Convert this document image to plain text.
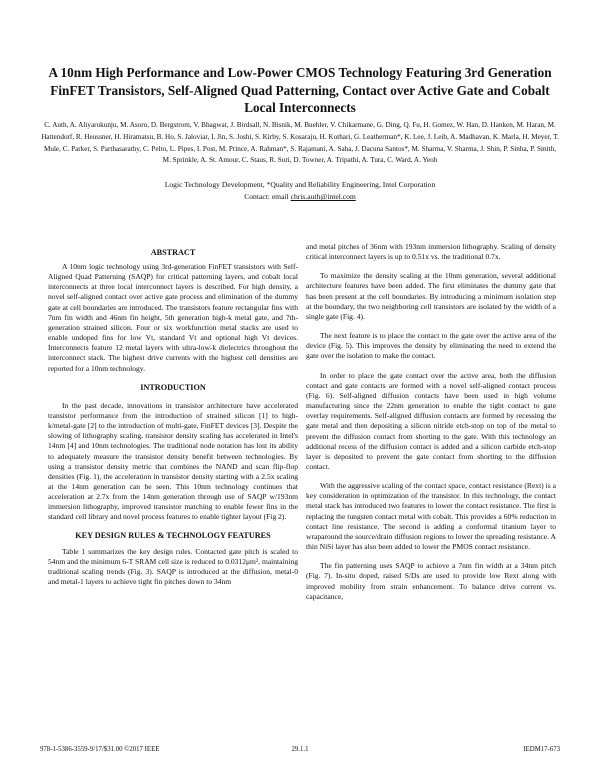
A 10nm High Performance and Low-Power CMOS Technology Featuring 3rd Generation FinFET Transistors, Self-Aligned Quad Patterning, Contact over Active Gate and Cobalt Local Interconnects
C. Auth, A. Aliyarukunju, M. Asoro, D. Bergstrom, V. Bhagwat, J. Birdsall, N. Bisnik, M. Buehler, V. Chikarmane, G. Ding, Q. Fu, H. Gomez, W. Han, D. Hanken, M. Haran, M. Hattendorf, R. Heussner, H. Hiramatsu, B. Ho, S. Jaloviar, I. Jin, S. Joshi, S. Kirby, S. Kosaraju, H. Kothari, G. Leatherman*, K. Lee, J. Leib, A. Madhavan, K. Marla, H. Meyer, T. Mule, C. Parker, S. Parthasarathy, C. Pelto, L. Pipes, I. Post, M. Prince, A. Rahman*, S. Rajamani, A. Saha, J. Dacuna Santos*, M. Sharma, V. Sharma, J. Shin, P. Sinha, P. Smith, M. Sprinkle, A. St. Amour, C. Staus, R. Suri, D. Towner, A. Tripathi, A. Tura, C. Ward, A. Yeoh
Logic Technology Development, *Quality and Reliability Engineering, Intel Corporation
Contact: email chris.auth@intel.com
ABSTRACT

A 10nm logic technology using 3rd-generation FinFET transistors with Self-Aligned Quad Patterning (SAQP) for critical patterning layers, and cobalt local interconnects at three local interconnect layers is described. For high density, a novel self-aligned contact over active gate process and elimination of the dummy gate at cell boundaries are introduced. The transistors feature rectangular fins with 7nm fin width and 46nm fin height, 5th generation high-k metal gate, and 7th-generation strained silicon. Four or six workfunction metal stacks are used to enable undoped fins for low Vt, standard Vt and optional high Vt devices. Interconnects feature 12 metal layers with ultra-low-k dielectrics throughout the interconnect stack. The highest drive currents with the highest cell densities are reported for a 10nm technology.

INTRODUCTION

In the past decade, innovations in transistor architecture have accelerated transistor performance from the introduction of strained silicon [1] to high-k/metal-gate [2] to the introduction of multi-gate, FinFET devices [3]. Despite the slowing of lithography scaling, transistor density scaling has accelerated in Intel's 14nm [4] and 10nm technologies. The traditional node notation has lost its ability to adequately measure the transistor density benefit between technologies. By using a transistor density metric that combines the NAND and scan flip-flop densities (Fig. 1), the acceleration in transistor density starting with a 2.5x scaling at the 14nm generation can be seen. This 10nm technology continues that acceleration at 2.7x from the 14nm generation through use of SAQP w/193nm immersion lithography, improved transistor matching to enable fewer fins in the standard cell library and novel process features to enable tighter layout (Fig 2).

KEY DESIGN RULES & TECHNOLOGY FEATURES

Table 1 summarizes the key design rules. Contacted gate pitch is scaled to 54nm and the minimum 6-T SRAM cell size is reduced to 0.0312μm², maintaining traditional scaling trends (Fig. 3). SAQP is introduced at the diffusion, metal-0 and metal-1 layers to achieve tight fin pitches down to 34nm

and metal pitches of 36nm with 193nm immersion lithography. Scaling of density critical interconnect layers is up to 0.51x vs. the traditional 0.7x.

To maximize the density scaling at the 10nm generation, several additional architecture features have been added. The first eliminates the dummy gate that has been present at the cell boundaries. By introducing a minimum isolation step at the boundary, the two neighboring cell transistors are isolated by the width of a single gate (Fig. 4).

The next feature is to place the contact to the gate over the active area of the device (Fig. 5). This improves the density by eliminating the need to extend the gate over the isolation to make the contact.

In order to place the gate contact over the active area, both the diffusion contact and gate contacts are formed with a novel self-aligned contact process (Fig. 6). Self-aligned diffusion contacts have been used in high volume manufacturing since the 22nm generation to enable the tight contact to gate overlay requirements. Self-aligned diffusion contacts are formed by recessing the gate metal and then depositing a silicon nitride etch-stop on top of the metal to prevent the diffusion contact from shorting to the gate. With this technology an additional recess of the diffusion contact is added and a silicon carbide etch-stop layer is deposited to prevent the gate contact from shorting to the diffusion contact.

With the aggressive scaling of the contact space, contact resistance (Rext) is a key consideration in optimization of the transistor. In this technology, the contact metal stack has introduced two features to lower the contact resistance. The first is replacing the tungsten contact metal with cobalt. This provides a 60% reduction in contact line resistance. The second is adding a conformal titanium layer to wraparound the source/drain diffusion regions to lower the spreading resistance. A thin NiSi layer has also been added to lower the PMOS contact resistance.

The fin patterning uses SAQP to achieve a 7nm fin width at a 34nm pitch (Fig. 7). In-situ doped, raised S/Ds are used to provide low Rext along with improved mobility from strain enhancement. To balance drive current vs. capacitance,

978-1-5386-3559-9/17/$31.00 ©2017 IEEE	29.1.1	IEDM17-673
